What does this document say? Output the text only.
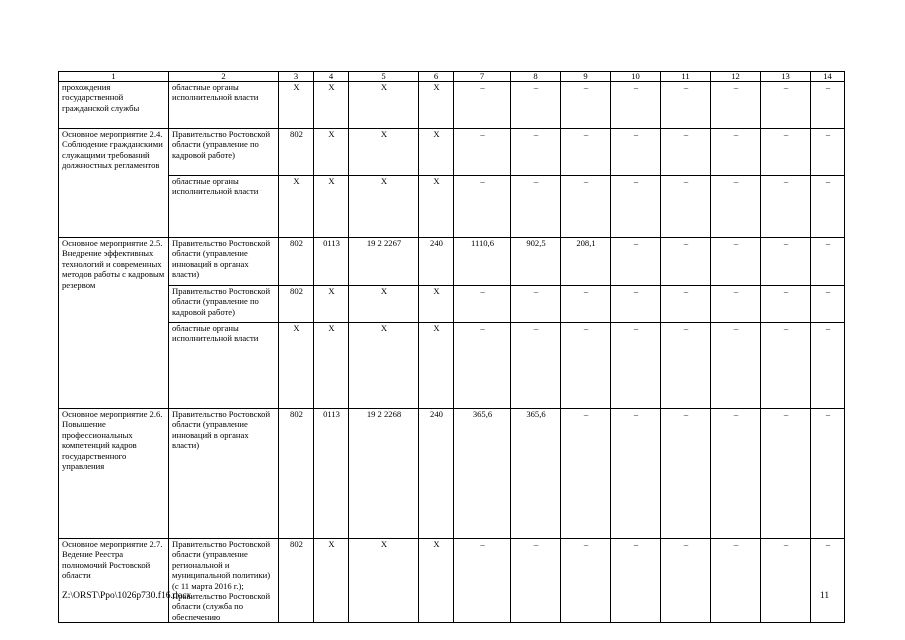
1	2	3	4	5	6	7	8	9	10	11	12	13	14
прохождения государственной гражданской службы	областные органы исполнительной власти	X	X	X	X	–	–	–	–	–	–	–	–
Основное мероприятие 2.4. Соблюдение гражданскими служащими требований должностных регламентов	Правительство Ростовской области (управление по кадровой работе)	802	X	X	X	–	–	–	–	–	–	–	–
	областные органы исполнительной власти	X	X	X	X	–	–	–	–	–	–	–	–
Основное мероприятие 2.5. Внедрение эффективных технологий и современных методов работы с кадровым резервом	Правительство Ростовской области (управление инноваций в органах власти)	802	0113	19 2 2267	240	1110,6	902,5	208,1	–	–	–	–	–
	Правительство Ростовской области (управление по кадровой работе)	802	X	X	X	–	–	–	–	–	–	–	–
	областные органы исполнительной власти	X	X	X	X	–	–	–	–	–	–	–	–
Основное мероприятие 2.6. Повышение профессиональных компетенций кадров государственного управления	Правительство Ростовской области (управление инноваций в органах власти)	802	0113	19 2 2268	240	365,6	365,6	–	–	–	–	–	–
Основное мероприятие 2.7. Ведение Реестра полномочий Ростовской области	Правительство Ростовской области (управление региональной и муниципальной политики) (с 11 марта 2016 г.); Правительство Ростовской области (служба по обеспечению	802	X	X	X	–	–	–	–	–	–	–	–
Z:\ORST\Ppo\1026p730.f16.docx	11
